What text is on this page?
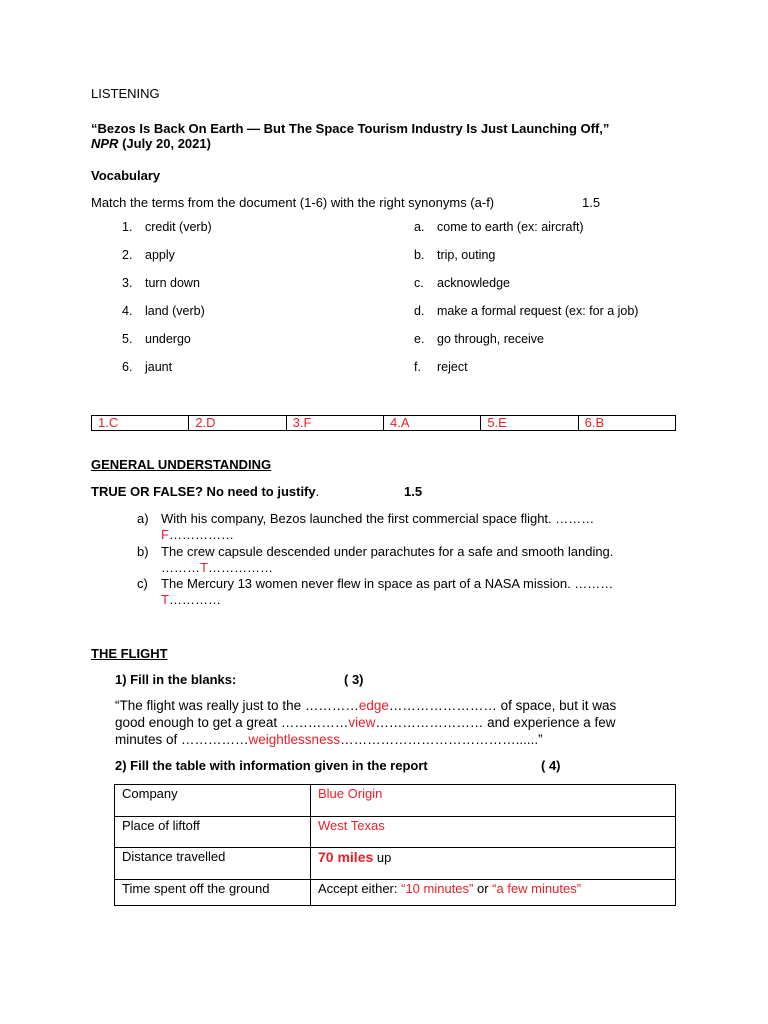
LISTENING
“Bezos Is Back On Earth — But The Space Tourism Industry Is Just Launching Off,”
NPR (July 20, 2021)
Vocabulary
Match the terms from the document (1-6) with the right synonyms (a-f)	1.5
1.	credit (verb)
2.	apply
3.	turn down
4.	land (verb)
5.	undergo
6.	jaunt
a.	come to earth (ex: aircraft)
b.	trip, outing
c.	acknowledge
d.	make a formal request (ex: for a job)
e.	go through, receive
f.	reject
1.C	2.D	3.F	4.A	5.E	6.B
GENERAL UNDERSTANDING
TRUE OR FALSE? No need to justify.	1.5
a) With his company, Bezos launched the first commercial space flight. ………
F……………
b) The crew capsule descended under parachutes for a safe and smooth landing.
………T……………
c) The Mercury 13 women never flew in space as part of a NASA mission. ………
T…………
THE FLIGHT
1) Fill in the blanks:	( 3)
“The flight was really just to the …………edge…………………… of space, but it was
good enough to get a great ……………view…………………… and experience a few
minutes of ……………weightlessness…………………………………......”
2) Fill the table with information given in the report	( 4)
Company	Blue Origin
Place of liftoff	West Texas
Distance travelled	70 miles up
Time spent off the ground	Accept either: “10 minutes” or “a few minutes”
